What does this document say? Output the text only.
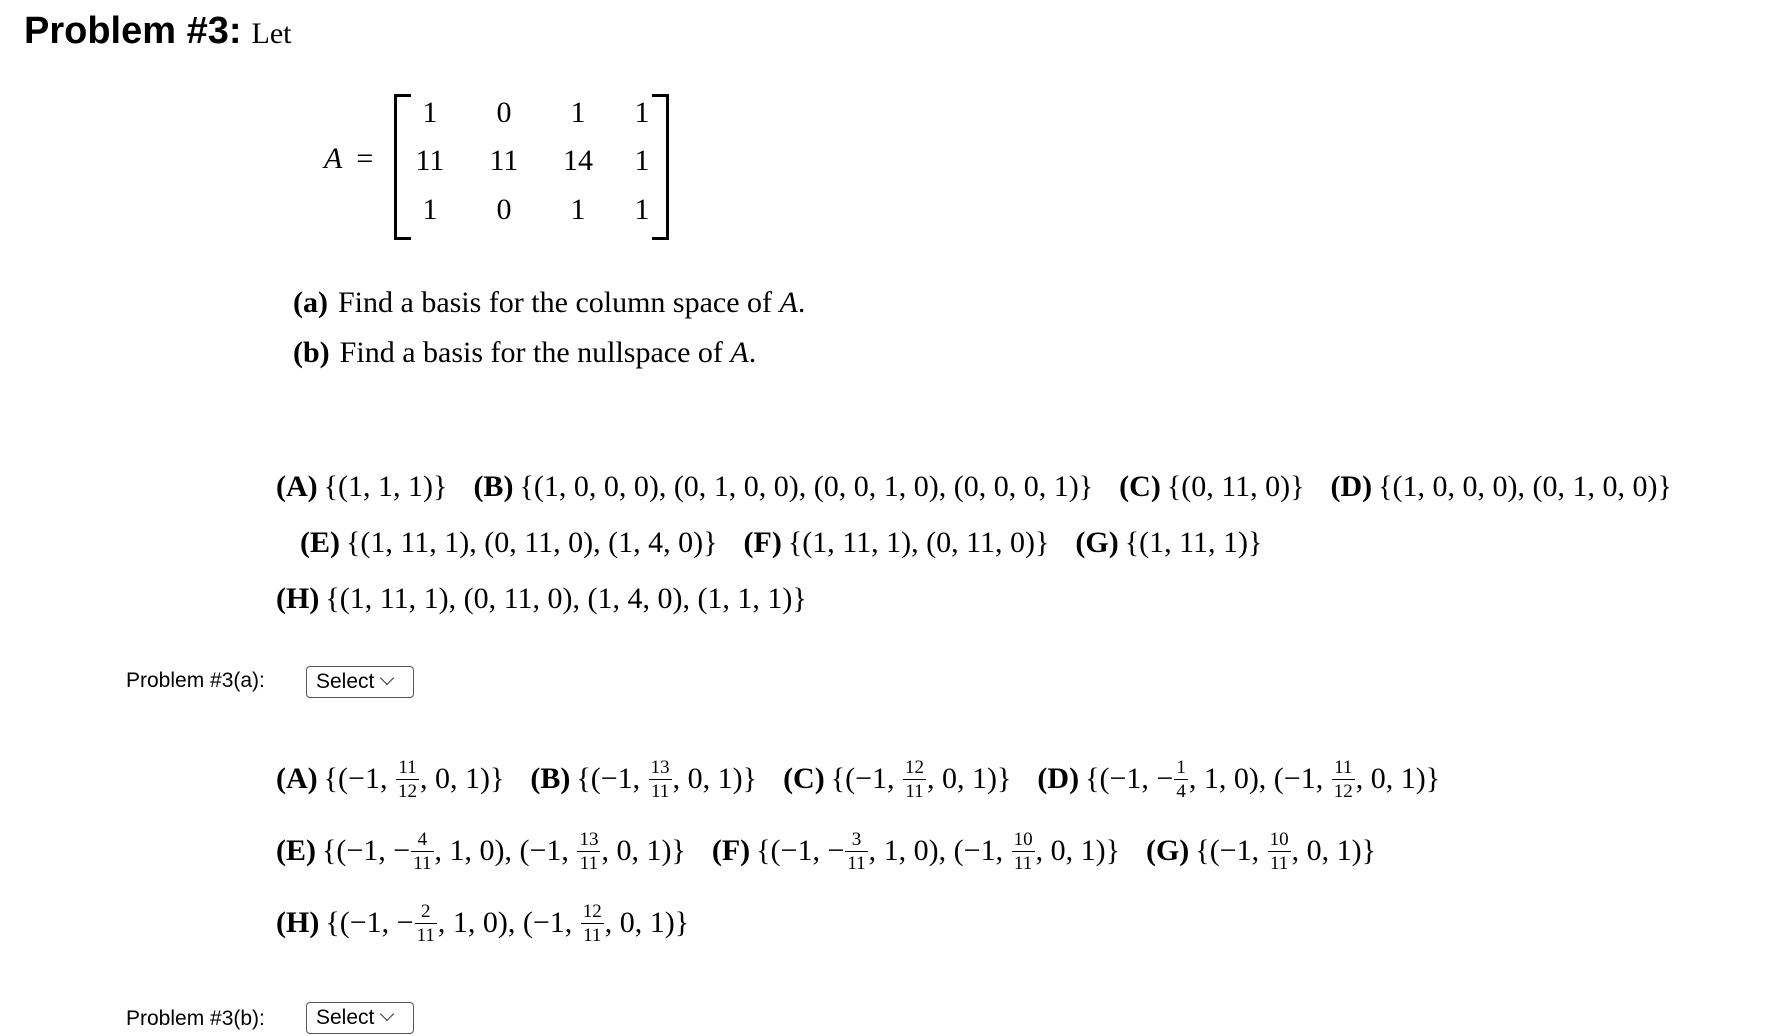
Problem #3: Let
A =
1	0	1	1
11	11	14	1
1	0	1	1
(a) Find a basis for the column space of A.
(b) Find a basis for the nullspace of A.
(A) {(1, 1, 1)} (B) {(1, 0, 0, 0), (0, 1, 0, 0), (0, 0, 1, 0), (0, 0, 0, 1)} (C) {(0, 11, 0)} (D) {(1, 0, 0, 0), (0, 1, 0, 0)}
(E) {(1, 11, 1), (0, 11, 0), (1, 4, 0)} (F) {(1, 11, 1), (0, 11, 0)} (G) {(1, 11, 1)}
(H) {(1, 11, 1), (0, 11, 0), (1, 4, 0), (1, 1, 1)}
Problem #3(a): Select
(A) {(−1, $\frac{11}{12}$ , 0, 1)} (B) {(−1, $\frac{13}{11}$ , 0, 1)} (C) {(−1, $\frac{12}{11}$ , 0, 1)} (D) {(−1, − $\frac{1}{4}$ , 1, 0), (−1, $\frac{11}{12}$ , 0, 1)}
(E) {(−1, − $\frac{4}{11}$ , 1, 0), (−1, $\frac{13}{11}$ , 0, 1)} (F) {(−1, − $\frac{3}{11}$ , 1, 0), (−1, $\frac{10}{11}$ , 0, 1)} (G) {(−1, $\frac{10}{11}$ , 0, 1)}
(H) {(−1, − $\frac{2}{11}$ , 1, 0), (−1, $\frac{12}{11}$ , 0, 1)}
Problem #3(b): Select
